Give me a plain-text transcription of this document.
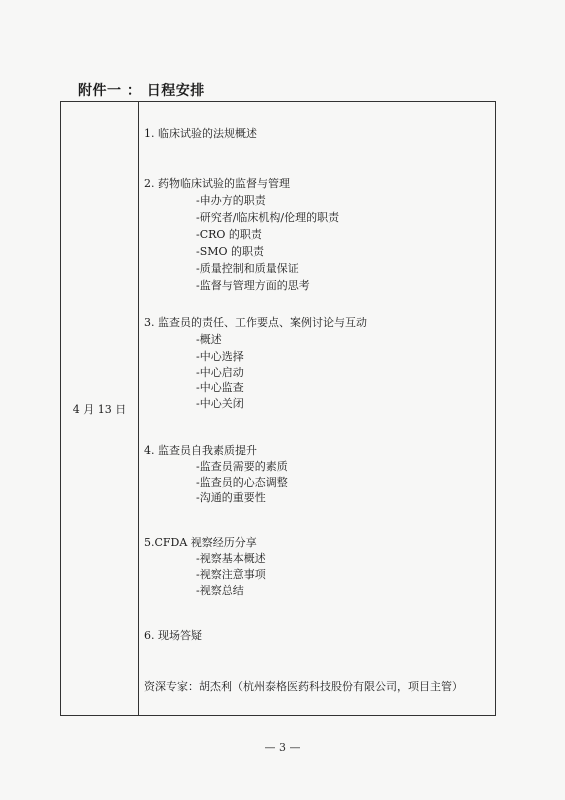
附件一 ： 日程安排
4 月 13 日
1. 临床试验的法规概述
2. 药物临床试验的监督与管理
-申办方的职责
-研究者/临床机构/伦理的职责
-CRO 的职责
-SMO 的职责
-质量控制和质量保证
-监督与管理方面的思考
3. 监查员的责任、工作要点、案例讨论与互动
-概述
-中心选择
-中心启动
-中心监查
-中心关闭
4. 监查员自我素质提升
-监查员需要的素质
-监查员的心态调整
-沟通的重要性
5.CFDA 视察经历分享
-视察基本概述
-视察注意事项
-视察总结
6. 现场答疑
资深专家：胡杰利（杭州泰格医药科技股份有限公司，项目主管）
— 3 —
